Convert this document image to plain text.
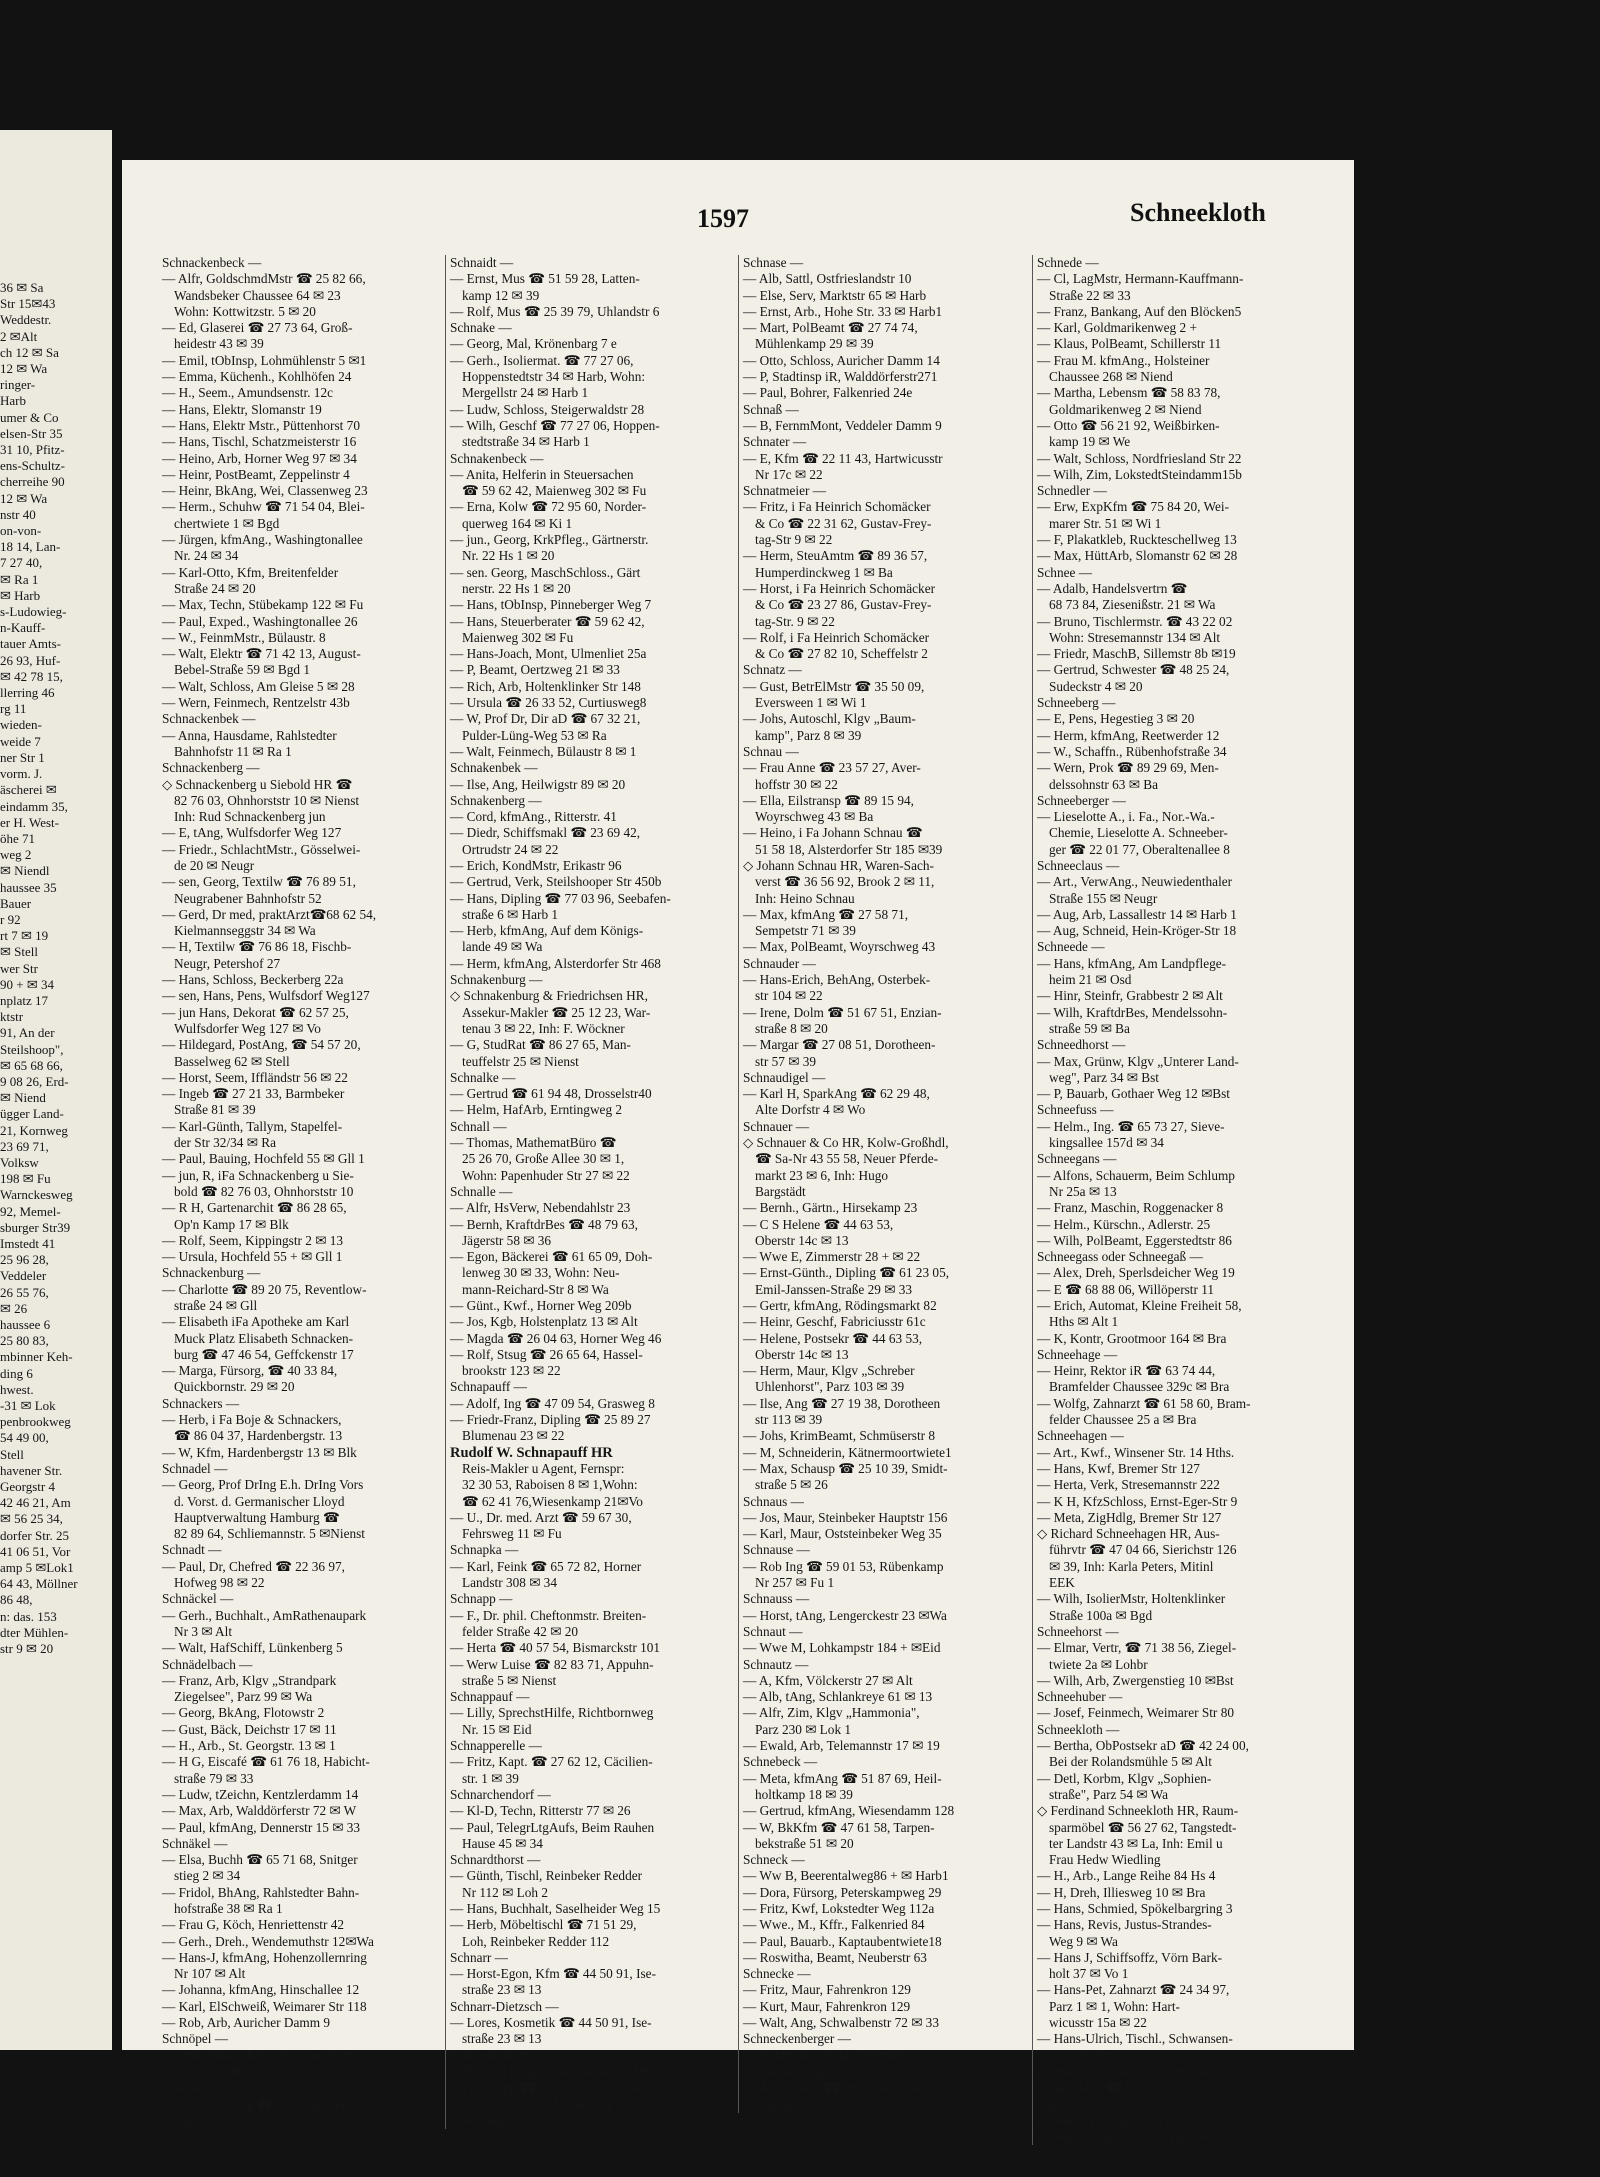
36 ✉ Sa
Str 15✉43
Weddestr.
2 ✉Alt
ch 12 ✉ Sa
12 ✉ Wa
ringer-
Harb
umer & Co
elsen-Str 35
31 10, Pfitz-
ens-Schultz-
cherreihe 90
12 ✉ Wa
nstr 40
on-von-
18 14, Lan-
7 27 40,
✉ Ra 1
✉ Harb
s-Ludowieg-
n-Kauff-
tauer Amts-
26 93, Huf-
✉ 42 78 15,
llerring 46
rg 11
wieden-
weide 7
ner Str 1
vorm. J.
äscherei ✉
eindamm 35,
er H. West-
öhe 71
weg 2
✉ Niendl
haussee 35
Bauer
r 92
rt 7 ✉ 19
✉ Stell
wer Str
90 + ✉ 34
nplatz 17
ktstr
91, An der
Steilshoop",
✉ 65 68 66,
9 08 26, Erd-
✉ Niend
ügger Land-
21, Kornweg
23 69 71,
Volksw
198 ✉ Fu
Warnckesweg
92, Memel-
sburger Str39
Imstedt 41
25 96 28,
Veddeler
26 55 76,
✉ 26
haussee 6
25 80 83,
mbinner Keh-
ding 6
hwest.
-31 ✉ Lok
penbrookweg
54 49 00,
Stell
havener Str.
Georgstr 4
42 46 21, Am
✉ 56 25 34,
dorfer Str. 25
41 06 51, Vor
amp 5 ✉Lok1
64 43, Möllner
86 48,
n: das. 153
dter Mühlen-
str 9 ✉ 20
1597	Schneekloth
Schnackenbeck —
— Alfr, GoldschmdMstr ☎ 25 82 66,
Wandsbeker Chaussee 64 ✉ 23
Wohn: Kottwitzstr. 5 ✉ 20
— Ed, Glaserei ☎ 27 73 64, Groß-
heidestr 43 ✉ 39
— Emil, tObInsp, Lohmühlenstr 5 ✉1
— Emma, Küchenh., Kohlhöfen 24
— H., Seem., Amundsenstr. 12c
— Hans, Elektr, Slomanstr 19
— Hans, Elektr Mstr., Püttenhorst 70
— Hans, Tischl, Schatzmeisterstr 16
— Heino, Arb, Horner Weg 97 ✉ 34
— Heinr, PostBeamt, Zeppelinstr 4
— Heinr, BkAng, Wei, Classenweg 23
— Herm., Schuhw ☎ 71 54 04, Blei-
chertwiete 1 ✉ Bgd
— Jürgen, kfmAng., Washingtonallee
Nr. 24 ✉ 34
— Karl-Otto, Kfm, Breitenfelder
Straße 24 ✉ 20
— Max, Techn, Stübekamp 122 ✉ Fu
— Paul, Exped., Washingtonallee 26
— W., FeinmMstr., Bülaustr. 8
— Walt, Elektr ☎ 71 42 13, August-
Bebel-Straße 59 ✉ Bgd 1
— Walt, Schloss, Am Gleise 5 ✉ 28
— Wern, Feinmech, Rentzelstr 43b
Schnackenbek —
— Anna, Hausdame, Rahlstedter
Bahnhofstr 11 ✉ Ra 1
Schnackenberg —
◇ Schnackenberg u Siebold HR ☎
82 76 03, Ohnhorststr 10 ✉ Nienst
Inh: Rud Schnackenberg jun
— E, tAng, Wulfsdorfer Weg 127
— Friedr., SchlachtMstr., Gösselwei-
de 20 ✉ Neugr
— sen, Georg, Textilw ☎ 76 89 51,
Neugrabener Bahnhofstr 52
— Gerd, Dr med, praktArzt☎68 62 54,
Kielmannseggstr 34 ✉ Wa
— H, Textilw ☎ 76 86 18, Fischb-
Neugr, Petershof 27
— Hans, Schloss, Beckerberg 22a
— sen, Hans, Pens, Wulfsdorf Weg127
— jun Hans, Dekorat ☎ 62 57 25,
Wulfsdorfer Weg 127 ✉ Vo
— Hildegard, PostAng, ☎ 54 57 20,
Basselweg 62 ✉ Stell
— Horst, Seem, Iffländstr 56 ✉ 22
— Ingeb ☎ 27 21 33, Barmbeker
Straße 81 ✉ 39
— Karl-Günth, Tallym, Stapelfel-
der Str 32/34 ✉ Ra
— Paul, Bauing, Hochfeld 55 ✉ Gll 1
— jun, R, iFa Schnackenberg u Sie-
bold ☎ 82 76 03, Ohnhorststr 10
— R H, Gartenarchit ☎ 86 28 65,
Op'n Kamp 17 ✉ Blk
— Rolf, Seem, Kippingstr 2 ✉ 13
— Ursula, Hochfeld 55 + ✉ Gll 1
Schnackenburg —
— Charlotte ☎ 89 20 75, Reventlow-
straße 24 ✉ Gll
— Elisabeth iFa Apotheke am Karl
Muck Platz Elisabeth Schnacken-
burg ☎ 47 46 54, Geffckenstr 17
— Marga, Fürsorg, ☎ 40 33 84,
Quickbornstr. 29 ✉ 20
Schnackers —
— Herb, i Fa Boje & Schnackers,
☎ 86 04 37, Hardenbergstr. 13
— W, Kfm, Hardenbergstr 13 ✉ Blk
Schnadel —
— Georg, Prof DrIng E.h. DrIng Vors
d. Vorst. d. Germanischer Lloyd
Hauptverwaltung Hamburg ☎
82 89 64, Schliemannstr. 5 ✉Nienst
Schnadt —
— Paul, Dr, Chefred ☎ 22 36 97,
Hofweg 98 ✉ 22
Schnäckel —
— Gerh., Buchhalt., AmRathenaupark
Nr 3 ✉ Alt
— Walt, HafSchiff, Lünkenberg 5
Schnädelbach —
— Franz, Arb, Klgv „Strandpark
Ziegelsee", Parz 99 ✉ Wa
— Georg, BkAng, Flotowstr 2
— Gust, Bäck, Deichstr 17 ✉ 11
— H., Arb., St. Georgstr. 13 ✉ 1
— H G, Eiscafé ☎ 61 76 18, Habicht-
straße 79 ✉ 33
— Ludw, tZeichn, Kentzlerdamm 14
— Max, Arb, Walddörferstr 72 ✉ W
— Paul, kfmAng, Dennerstr 15 ✉ 33
Schnäkel —
— Elsa, Buchh ☎ 65 71 68, Snitger
stieg 2 ✉ 34
— Fridol, BhAng, Rahlstedter Bahn-
hofstraße 38 ✉ Ra 1
— Frau G, Köch, Henriettenstr 42
— Gerh., Dreh., Wendemuthstr 12✉Wa
— Hans-J, kfmAng, Hohenzollernring
Nr 107 ✉ Alt
— Johanna, kfmAng, Hinschallee 12
— Karl, ElSchweiß, Weimarer Str 118
— Rob, Arb, Auricher Damm 9
Schnöpel —
— Willi, Maur, Klgv „Fieckendorf",
Parz 69 ✉ Bra
Schnaible —
— Jobs, kfmAng ☎ 45 07 42, Haller-
straße 3b ✉ 13
Schnaidt —
— Ernst, Mus ☎ 51 59 28, Latten-
kamp 12 ✉ 39
— Rolf, Mus ☎ 25 39 79, Uhlandstr 6
Schnake —
— Georg, Mal, Krönenbarg 7 e
— Gerh., Isoliermat. ☎ 77 27 06,
Hoppenstedtstr 34 ✉ Harb, Wohn:
Mergellstr 24 ✉ Harb 1
— Ludw, Schloss, Steigerwaldstr 28
— Wilh, Geschf ☎ 77 27 06, Hoppen-
stedtstraße 34 ✉ Harb 1
Schnakenbeck —
— Anita, Helferin in Steuersachen
☎ 59 62 42, Maienweg 302 ✉ Fu
— Erna, Kolw ☎ 72 95 60, Norder-
querweg 164 ✉ Ki 1
— jun., Georg, KrkPfleg., Gärtnerstr.
Nr. 22 Hs 1 ✉ 20
— sen. Georg, MaschSchloss., Gärt
nerstr. 22 Hs 1 ✉ 20
— Hans, tObInsp, Pinneberger Weg 7
— Hans, Steuerberater ☎ 59 62 42,
Maienweg 302 ✉ Fu
— Hans-Joach, Mont, Ulmenliet 25a
— P, Beamt, Oertzweg 21 ✉ 33
— Rich, Arb, Holtenklinker Str 148
— Ursula ☎ 26 33 52, Curtiusweg8
— W, Prof Dr, Dir aD ☎ 67 32 21,
Pulder-Lüng-Weg 53 ✉ Ra
— Walt, Feinmech, Bülaustr 8 ✉ 1
Schnakenbek —
— Ilse, Ang, Heilwigstr 89 ✉ 20
Schnakenberg —
— Cord, kfmAng., Ritterstr. 41
— Diedr, Schiffsmakl ☎ 23 69 42,
Ortrudstr 24 ✉ 22
— Erich, KondMstr, Erikastr 96
— Gertrud, Verk, Steilshooper Str 450b
— Hans, Dipling ☎ 77 03 96, Seebafen-
straße 6 ✉ Harb 1
— Herb, kfmAng, Auf dem Königs-
lande 49 ✉ Wa
— Herm, kfmAng, Alsterdorfer Str 468
Schnakenburg —
◇ Schnakenburg & Friedrichsen HR,
Assekur-Makler ☎ 25 12 23, War-
tenau 3 ✉ 22, Inh: F. Wöckner
— G, StudRat ☎ 86 27 65, Man-
teuffelstr 25 ✉ Nienst
Schnalke —
— Gertrud ☎ 61 94 48, Drosselstr40
— Helm, HafArb, Erntingweg 2
Schnall —
— Thomas, MathematBüro ☎
25 26 70, Große Allee 30 ✉ 1,
Wohn: Papenhuder Str 27 ✉ 22
Schnalle —
— Alfr, HsVerw, Nebendahlstr 23
— Bernh, KraftdrBes ☎ 48 79 63,
Jägerstr 58 ✉ 36
— Egon, Bäckerei ☎ 61 65 09, Doh-
lenweg 30 ✉ 33, Wohn: Neu-
mann-Reichard-Str 8 ✉ Wa
— Günt., Kwf., Horner Weg 209b
— Jos, Kgb, Holstenplatz 13 ✉ Alt
— Magda ☎ 26 04 63, Horner Weg 46
— Rolf, Stsug ☎ 26 65 64, Hassel-
brookstr 123 ✉ 22
Schnapauff —
— Adolf, Ing ☎ 47 09 54, Grasweg 8
— Friedr-Franz, Dipling ☎ 25 89 27
Blumenau 23 ✉ 22
Rudolf W. Schnapauff HR
Reis-Makler u Agent, Fernspr:
32 30 53, Raboisen 8 ✉ 1,Wohn:
☎ 62 41 76,Wiesenkamp 21✉Vo
— U., Dr. med. Arzt ☎ 59 67 30,
Fehrsweg 11 ✉ Fu
Schnapka —
— Karl, Feink ☎ 65 72 82, Horner
Landstr 308 ✉ 34
Schnapp —
— F., Dr. phil. Cheftonmstr. Breiten-
felder Straße 42 ✉ 20
— Herta ☎ 40 57 54, Bismarckstr 101
— Werw Luise ☎ 82 83 71, Appuhn-
straße 5 ✉ Nienst
Schnappauf —
— Lilly, SprechstHilfe, Richtbornweg
Nr. 15 ✉ Eid
Schnapperelle —
— Fritz, Kapt. ☎ 27 62 12, Cäcilien-
str. 1 ✉ 39
Schnarchendorf —
— Kl-D, Techn, Ritterstr 77 ✉ 26
— Paul, TelegrLtgAufs, Beim Rauhen
Hause 45 ✉ 34
Schnardthorst —
— Günth, Tischl, Reinbeker Redder
Nr 112 ✉ Loh 2
— Hans, Buchhalt, Saselheider Weg 15
— Herb, Möbeltischl ☎ 71 51 29,
Loh, Reinbeker Redder 112
Schnarr —
— Horst-Egon, Kfm ☎ 44 50 91, Ise-
straße 23 ✉ 13
Schnarr-Dietzsch —
— Lores, Kosmetik ☎ 44 50 91, Ise-
straße 23 ✉ 13
Schnartendorff —
◇ Richard Eugen Schnartendorff HR,
Fisch-Imp ☎ 31 63 80, Gr Elbstr
Nr. 6 ✉ Alt, Inh: Marie W. F.
Wilberg
Schnase —
— Alb, Sattl, Ostfrieslandstr 10
— Else, Serv, Marktstr 65 ✉ Harb
— Ernst, Arb., Hohe Str. 33 ✉ Harb1
— Mart, PolBeamt ☎ 27 74 74,
Mühlenkamp 29 ✉ 39
— Otto, Schloss, Auricher Damm 14
— P, Stadtinsp iR, Walddörferstr271
— Paul, Bohrer, Falkenried 24e
Schnaß —
— B, FernmMont, Veddeler Damm 9
Schnater —
— E, Kfm ☎ 22 11 43, Hartwicusstr
Nr 17c ✉ 22
Schnatmeier —
— Fritz, i Fa Heinrich Schomäcker
& Co ☎ 22 31 62, Gustav-Frey-
tag-Str 9 ✉ 22
— Herm, SteuAmtm ☎ 89 36 57,
Humperdinckweg 1 ✉ Ba
— Horst, i Fa Heinrich Schomäcker
& Co ☎ 23 27 86, Gustav-Frey-
tag-Str. 9 ✉ 22
— Rolf, i Fa Heinrich Schomäcker
& Co ☎ 27 82 10, Scheffelstr 2
Schnatz —
— Gust, BetrElMstr ☎ 35 50 09,
Eversween 1 ✉ Wi 1
— Johs, Autoschl, Klgv „Baum-
kamp", Parz 8 ✉ 39
Schnau —
— Frau Anne ☎ 23 57 27, Aver-
hoffstr 30 ✉ 22
— Ella, Eilstransp ☎ 89 15 94,
Woyrschweg 43 ✉ Ba
— Heino, i Fa Johann Schnau ☎
51 58 18, Alsterdorfer Str 185 ✉39
◇ Johann Schnau HR, Waren-Sach-
verst ☎ 36 56 92, Brook 2 ✉ 11,
Inh: Heino Schnau
— Max, kfmAng ☎ 27 58 71,
Sempetstr 71 ✉ 39
— Max, PolBeamt, Woyrschweg 43
Schnauder —
— Hans-Erich, BehAng, Osterbek-
str 104 ✉ 22
— Irene, Dolm ☎ 51 67 51, Enzian-
straße 8 ✉ 20
— Margar ☎ 27 08 51, Dorotheen-
str 57 ✉ 39
Schnaudigel —
— Karl H, SparkAng ☎ 62 29 48,
Alte Dorfstr 4 ✉ Wo
Schnauer —
◇ Schnauer & Co HR, Kolw-Großhdl,
☎ Sa-Nr 43 55 58, Neuer Pferde-
markt 23 ✉ 6, Inh: Hugo
Bargstädt
— Bernh., Gärtn., Hirsekamp 23
— C S Helene ☎ 44 63 53,
Oberstr 14c ✉ 13
— Wwe E, Zimmerstr 28 + ✉ 22
— Ernst-Günth., Dipling ☎ 61 23 05,
Emil-Janssen-Straße 29 ✉ 33
— Gertr, kfmAng, Rödingsmarkt 82
— Heinr, Geschf, Fabriciusstr 61c
— Helene, Postsekr ☎ 44 63 53,
Oberstr 14c ✉ 13
— Herm, Maur, Klgv „Schreber
Uhlenhorst", Parz 103 ✉ 39
— Ilse, Ang ☎ 27 19 38, Dorotheen
str 113 ✉ 39
— Johs, KrimBeamt, Schmüserstr 8
— M, Schneiderin, Kätnermoortwiete1
— Max, Schausp ☎ 25 10 39, Smidt-
straße 5 ✉ 26
Schnaus —
— Jos, Maur, Steinbeker Hauptstr 156
— Karl, Maur, Oststeinbeker Weg 35
Schnause —
— Rob Ing ☎ 59 01 53, Rübenkamp
Nr 257 ✉ Fu 1
Schnauss —
— Horst, tAng, Lengerckestr 23 ✉Wa
Schnaut —
— Wwe M, Lohkampstr 184 + ✉Eid
Schnautz —
— A, Kfm, Völckerstr 27 ✉ Alt
— Alb, tAng, Schlankreye 61 ✉ 13
— Alfr, Zim, Klgv „Hammonia",
Parz 230 ✉ Lok 1
— Ewald, Arb, Telemannstr 17 ✉ 19
Schnebeck —
— Meta, kfmAng ☎ 51 87 69, Heil-
holtkamp 18 ✉ 39
— Gertrud, kfmAng, Wiesendamm 128
— W, BkKfm ☎ 47 61 58, Tarpen-
bekstraße 51 ✉ 20
Schneck —
— Ww B, Beerentalweg86 + ✉ Harb1
— Dora, Fürsorg, Peterskampweg 29
— Fritz, Kwf, Lokstedter Weg 112a
— Wwe., M., Kffr., Falkenried 84
— Paul, Bauarb., Kaptaubentwiete18
— Roswitha, Beamt, Neuberstr 63
Schnecke —
— Fritz, Maur, Fahrenkron 129
— Kurt, Maur, Fahrenkron 129
— Walt, Ang, Schwalbenstr 72 ✉ 33
Schneckenberger —
— R, kfmAng, Allee 75 ✉ Alt
Schneckenburger —
— Alb, Spiellt ☎ 89 12 64, Osdorfer
Weg 42 ✉ Gll
Schnede —
— Cl, LagMstr, Hermann-Kauffmann-
Straße 22 ✉ 33
— Franz, Bankang, Auf den Blöcken5
— Karl, Goldmarikenweg 2 +
— Klaus, PolBeamt, Schillerstr 11
— Frau M. kfmAng., Holsteiner
Chaussee 268 ✉ Niend
— Martha, Lebensm ☎ 58 83 78,
Goldmarikenweg 2 ✉ Niend
— Otto ☎ 56 21 92, Weißbirken-
kamp 19 ✉ We
— Walt, Schloss, Nordfriesland Str 22
— Wilh, Zim, LokstedtSteindamm15b
Schnedler —
— Erw, ExpKfm ☎ 75 84 20, Wei-
marer Str. 51 ✉ Wi 1
— F, Plakatkleb, Ruckteschellweg 13
— Max, HüttArb, Slomanstr 62 ✉ 28
Schnee —
— Adalb, Handelsvertrn ☎
68 73 84, Ziesenißstr. 21 ✉ Wa
— Bruno, Tischlermstr. ☎ 43 22 02
Wohn: Stresemannstr 134 ✉ Alt
— Friedr, MaschB, Sillemstr 8b ✉19
— Gertrud, Schwester ☎ 48 25 24,
Sudeckstr 4 ✉ 20
Schneeberg —
— E, Pens, Hegestieg 3 ✉ 20
— Herm, kfmAng, Reetwerder 12
— W., Schaffn., Rübenhofstraße 34
— Wern, Prok ☎ 89 29 69, Men-
delssohnstr 63 ✉ Ba
Schneeberger —
— Lieselotte A., i. Fa., Nor.-Wa.-
Chemie, Lieselotte A. Schneeber-
ger ☎ 22 01 77, Oberaltenallee 8
Schneeclaus —
— Art., VerwAng., Neuwiedenthaler
Straße 155 ✉ Neugr
— Aug, Arb, Lassallestr 14 ✉ Harb 1
— Aug, Schneid, Hein-Kröger-Str 18
Schneede —
— Hans, kfmAng, Am Landpflege-
heim 21 ✉ Osd
— Hinr, Steinfr, Grabbestr 2 ✉ Alt
— Wilh, KraftdrBes, Mendelssohn-
straße 59 ✉ Ba
Schneedhorst —
— Max, Grünw, Klgv „Unterer Land-
weg", Parz 34 ✉ Bst
— P, Bauarb, Gothaer Weg 12 ✉Bst
Schneefuss —
— Helm., Ing. ☎ 65 73 27, Sieve-
kingsallee 157d ✉ 34
Schneegans —
— Alfons, Schauerm, Beim Schlump
Nr 25a ✉ 13
— Franz, Maschin, Roggenacker 8
— Helm., Kürschn., Adlerstr. 25
— Wilh, PolBeamt, Eggerstedtstr 86
Schneegass oder Schneegaß —
— Alex, Dreh, Sperlsdeicher Weg 19
— E ☎ 68 88 06, Willöperstr 11
— Erich, Automat, Kleine Freiheit 58,
Hths ✉ Alt 1
— K, Kontr, Grootmoor 164 ✉ Bra
Schneehage —
— Heinr, Rektor iR ☎ 63 74 44,
Bramfelder Chaussee 329c ✉ Bra
— Wolfg, Zahnarzt ☎ 61 58 60, Bram-
felder Chaussee 25 a ✉ Bra
Schneehagen —
— Art., Kwf., Winsener Str. 14 Hths.
— Hans, Kwf, Bremer Str 127
— Herta, Verk, Stresemannstr 222
— K H, KfzSchloss, Ernst-Eger-Str 9
— Meta, ZigHdlg, Bremer Str 127
◇ Richard Schneehagen HR, Aus-
führvtr ☎ 47 04 66, Sierichstr 126
✉ 39, Inh: Karla Peters, Mitinl
EEK
— Wilh, IsolierMstr, Holtenklinker
Straße 100a ✉ Bgd
Schneehorst —
— Elmar, Vertr, ☎ 71 38 56, Ziegel-
twiete 2a ✉ Lohbr
— Wilh, Arb, Zwergenstieg 10 ✉Bst
Schneehuber —
— Josef, Feinmech, Weimarer Str 80
Schneekloth —
— Bertha, ObPostsekr aD ☎ 42 24 00,
Bei der Rolandsmühle 5 ✉ Alt
— Detl, Korbm, Klgv „Sophien-
straße", Parz 54 ✉ Wa
◇ Ferdinand Schneekloth HR, Raum-
sparmöbel ☎ 56 27 62, Tangstedt-
ter Landstr 43 ✉ La, Inh: Emil u
Frau Hedw Wiedling
— H., Arb., Lange Reihe 84 Hs 4
— H, Dreh, Illiesweg 10 ✉ Bra
— Hans, Schmied, Spökelbargring 3
— Hans, Revis, Justus-Strandes-
Weg 9 ✉ Wa
— Hans J, Schiffsoffz, Vörn Bark-
holt 37 ✉ Vo 1
— Hans-Pet, Zahnarzt ☎ 24 34 97,
Parz 1 ✉ 1, Wohn: Hart-
wicusstr 15a ✉ 22
— Hans-Ulrich, Tischl., Schwansen-
str. 1 ✉ 43
— Helga, Dr med, Fachärzt f Ner-
venkrkhtn ☎ 62 50 71, Vo, Vörn
Barkholt 37
— Helm, Bauing, Vörn Barkholt 37
— Herm, Kapt iR, Vörn Barkholt 37
